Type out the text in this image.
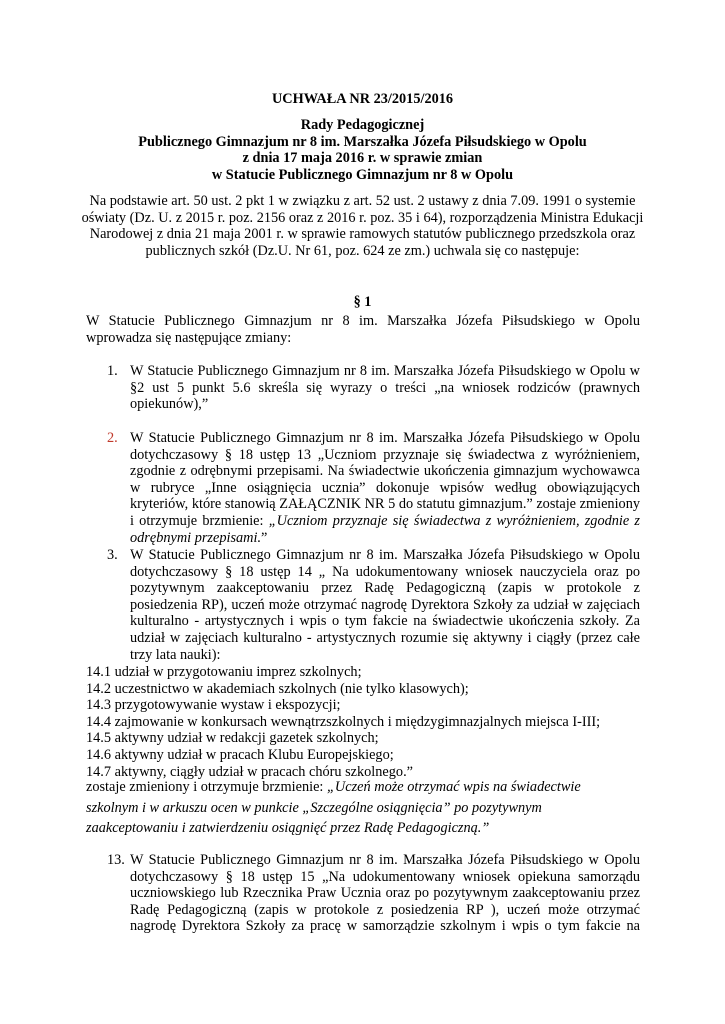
UCHWAŁA NR 23/2015/2016
Rady Pedagogicznej
Publicznego Gimnazjum nr 8 im. Marszałka Józefa Piłsudskiego w Opolu
z dnia 17 maja 2016 r. w sprawie zmian
w Statucie Publicznego Gimnazjum nr 8 w Opolu
Na podstawie art. 50 ust. 2 pkt 1 w związku z art. 52 ust. 2 ustawy z dnia 7.09. 1991 o systemie oświaty (Dz. U. z 2015 r. poz. 2156 oraz z 2016 r. poz. 35 i 64), rozporządzenia Ministra Edukacji Narodowej z dnia 21 maja 2001 r. w sprawie ramowych statutów publicznego przedszkola oraz publicznych szkół (Dz.U. Nr 61, poz. 624 ze zm.) uchwala się co następuje:
§ 1
W Statucie Publicznego Gimnazjum nr 8 im. Marszałka Józefa Piłsudskiego w Opolu wprowadza się następujące zmiany:
1. W Statucie Publicznego Gimnazjum nr 8 im. Marszałka Józefa Piłsudskiego w Opolu w §2 ust 5 punkt 5.6 skreśla się wyrazy o treści „na wniosek rodziców (prawnych opiekunów),”
2. W Statucie Publicznego Gimnazjum nr 8 im. Marszałka Józefa Piłsudskiego w Opolu dotychczasowy § 18 ustęp 13 „Uczniom przyznaje się świadectwa z wyróżnieniem, zgodnie z odrębnymi przepisami. Na świadectwie ukończenia gimnazjum wychowawca w rubryce „Inne osiągnięcia ucznia” dokonuje wpisów według obowiązujących kryteriów, które stanowią ZAŁĄCZNIK NR 5 do statutu gimnazjum.” zostaje zmieniony i otrzymuje brzmienie: „Uczniom przyznaje się świadectwa z wyróżnieniem, zgodnie z odrębnymi przepisami.”
3. W Statucie Publicznego Gimnazjum nr 8 im. Marszałka Józefa Piłsudskiego w Opolu dotychczasowy § 18 ustęp 14 „ Na udokumentowany wniosek nauczyciela oraz po pozytywnym zaakceptowaniu przez Radę Pedagogiczną (zapis w protokole z posiedzenia RP), uczeń może otrzymać nagrodę Dyrektora Szkoły za udział w zajęciach kulturalno - artystycznych i wpis o tym fakcie na świadectwie ukończenia szkoły. Za udział w zajęciach kulturalno - artystycznych rozumie się aktywny i ciągły (przez całe trzy lata nauki):
14.1 udział w przygotowaniu imprez szkolnych;
14.2 uczestnictwo w akademiach szkolnych (nie tylko klasowych);
14.3 przygotowywanie wystaw i ekspozycji;
14.4 zajmowanie w konkursach wewnątrzszkolnych i międzygimnazjalnych miejsca I-III;
14.5 aktywny udział w redakcji gazetek szkolnych;
14.6 aktywny udział w pracach Klubu Europejskiego;
14.7 aktywny, ciągły udział w pracach chóru szkolnego.”
zostaje zmieniony i otrzymuje brzmienie: „Uczeń może otrzymać wpis na świadectwie
szkolnym i w arkuszu ocen w punkcie „Szczególne osiągnięcia” po pozytywnym
zaakceptowaniu i zatwierdzeniu osiągnięć przez Radę Pedagogiczną.”
13. W Statucie Publicznego Gimnazjum nr 8 im. Marszałka Józefa Piłsudskiego w Opolu dotychczasowy § 18 ustęp 15 „Na udokumentowany wniosek opiekuna samorządu uczniowskiego lub Rzecznika Praw Ucznia oraz po pozytywnym zaakceptowaniu przez Radę Pedagogiczną (zapis w protokole z posiedzenia RP ), uczeń może otrzymać nagrodę Dyrektora Szkoły za pracę w samorządzie szkolnym i wpis o tym fakcie na
